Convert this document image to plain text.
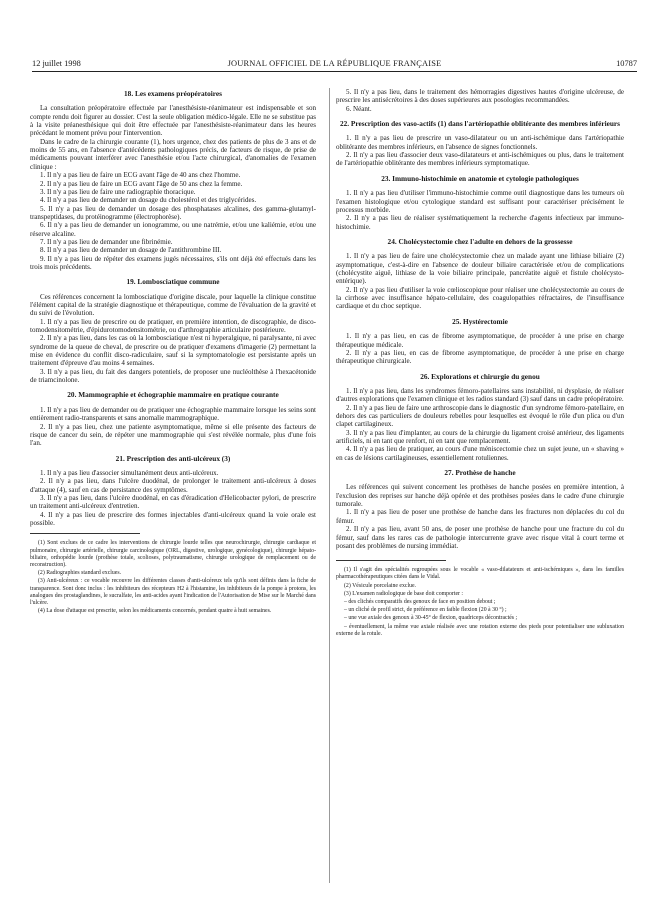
12 juillet 1998	JOURNAL OFFICIEL DE LA RÉPUBLIQUE FRANÇAISE	10787
18. Les examens préopératoires

La consultation préopératoire effectuée par l'anesthésiste-réanimateur est indispensable et son compte rendu doit figurer au dossier. C'est la seule obligation médico-légale. Elle ne se substitue pas à la visite préanesthésique qui doit être effectuée par l'anesthésiste-réanimateur dans les heures précédant le moment prévu pour l'intervention.

Dans le cadre de la chirurgie courante (1), hors urgence, chez des patients de plus de 3 ans et de moins de 55 ans, en l'absence d'antécédents pathologiques précis, de facteurs de risque, de prise de médicaments pouvant interférer avec l'anesthésie et/ou l'acte chirurgical, d'anomalies de l'examen clinique :

1. Il n'y a pas lieu de faire un ECG avant l'âge de 40 ans chez l'homme.

2. Il n'y a pas lieu de faire un ECG avant l'âge de 50 ans chez la femme.

3. Il n'y a pas lieu de faire une radiographie thoracique.

4. Il n'y a pas lieu de demander un dosage du cholestérol et des triglycérides.

5. Il n'y a pas lieu de demander un dosage des phosphatases alcalines, des gamma-glutamyl-transpeptidases, du protéinogramme (électrophorèse).

6. Il n'y a pas lieu de demander un ionogramme, ou une natrémie, et/ou une kaliémie, et/ou une réserve alcaline.

7. Il n'y a pas lieu de demander une fibrinémie.

8. Il n'y a pas lieu de demander un dosage de l'antithrombine III.

9. Il n'y a pas lieu de répéter des examens jugés nécessaires, s'ils ont déjà été effectués dans les trois mois précédents.

19. Lombosciatique commune

Ces références concernent la lombosciatique d'origine discale, pour laquelle la clinique constitue l'élément capital de la stratégie diagnostique et thérapeutique, comme de l'évaluation de la gravité et du suivi de l'évolution.

1. Il n'y a pas lieu de prescrire ou de pratiquer, en première intention, de discographie, de disco-tomodensitométrie, d'épidurotomodensitométrie, ou d'arthrographie articulaire postérieure.

2. Il n'y a pas lieu, dans les cas où la lombosciatique n'est ni hyperalgique, ni paralysante, ni avec syndrome de la queue de cheval, de prescrire ou de pratiquer d'examens d'imagerie (2) permettant la mise en évidence du conflit disco-radiculaire, sauf si la symptomatologie est persistante après un traitement d'épreuve d'au moins 4 semaines.

3. Il n'y a pas lieu, du fait des dangers potentiels, de proposer une nucléolthèse à l'hexacétonide de triamcinolone.

20. Mammographie et échographie mammaire en pratique courante

1. Il n'y a pas lieu de demander ou de pratiquer une échographie mammaire lorsque les seins sont entièrement radio-transparents et sans anomalie mammographique.

2. Il n'y a pas lieu, chez une patiente asymptomatique, même si elle présente des facteurs de risque de cancer du sein, de répéter une mammographie qui s'est révélée normale, plus d'une fois l'an.

21. Prescription des anti-ulcéreux (3)

1. Il n'y a pas lieu d'associer simultanément deux anti-ulcéreux.

2. Il n'y a pas lieu, dans l'ulcère duodénal, de prolonger le traitement anti-ulcéreux à doses d'attaque (4), sauf en cas de persistance des symptômes.

3. Il n'y a pas lieu, dans l'ulcère duodénal, en cas d'éradication d'Helicobacter pylori, de prescrire un traitement anti-ulcéreux d'entretien.

4. Il n'y a pas lieu de prescrire des formes injectables d'anti-ulcéreux quand la voie orale est possible.

(1) Sont exclues de ce cadre les interventions de chirurgie lourde telles que neurochirurgie, chirurgie cardiaque et pulmonaire, chirurgie artérielle, chirurgie carcinologique (ORL, digestive, urologique, gynécologique), chirurgie hépato-biliaire, orthopédie lourde (prothèse totale, scolioses, polytraumatisme, chirurgie urologique de remplacement ou de reconstruction).

(2) Radiographies standard exclues.

(3) Anti-ulcéreux : ce vocable recouvre les différentes classes d'anti-ulcéreux tels qu'ils sont définis dans la fiche de transparence. Sont donc inclus : les inhibiteurs des récepteurs H2 à l'histamine, les inhibiteurs de la pompe à protons, les analogues des prostaglandines, le sucralfate, les anti-acides ayant l'indication de l'Autorisation de Mise sur le Marché dans l'ulcère.

(4) La dose d'attaque est prescrite, selon les médicaments concernés, pendant quatre à huit semaines.

5. Il n'y a pas lieu, dans le traitement des hémorragies digestives hautes d'origine ulcéreuse, de prescrire les antisécrétoires à des doses supérieures aux posologies recommandées.

6. Néant.

22. Prescription des vaso-actifs (1) dans l'artériopathie oblitérante des membres inférieurs

1. Il n'y a pas lieu de prescrire un vaso-dilatateur ou un anti-ischémique dans l'artériopathie oblitérante des membres inférieurs, en l'absence de signes fonctionnels.

2. Il n'y a pas lieu d'associer deux vaso-dilatateurs et anti-ischémiques ou plus, dans le traitement de l'artériopathie oblitérante des membres inférieurs symptomatique.

23. Immuno-histochimie en anatomie et cytologie pathologiques

1. Il n'y a pas lieu d'utiliser l'immuno-histochimie comme outil diagnostique dans les tumeurs où l'examen histologique et/ou cytologique standard est suffisant pour caractériser précisément le processus morbide.

2. Il n'y a pas lieu de réaliser systématiquement la recherche d'agents infectieux par immuno-histochimie.

24. Cholécystectomie chez l'adulte en dehors de la grossesse

1. Il n'y a pas lieu de faire une cholécystectomie chez un malade ayant une lithiase biliaire (2) asymptomatique, c'est-à-dire en l'absence de douleur biliaire caractérisée et/ou de complications (cholécystite aiguë, lithiase de la voie biliaire principale, pancréatite aiguë et fistule cholécysto-entérique).

2. Il n'y a pas lieu d'utiliser la voie cœlioscopique pour réaliser une cholécystectomie au cours de la cirrhose avec insuffisance hépato-cellulaire, des coagulopathies réfractaires, de l'insuffisance cardiaque et du choc septique.

25. Hystérectomie

1. Il n'y a pas lieu, en cas de fibrome asymptomatique, de procéder à une prise en charge thérapeutique médicale.

2. Il n'y a pas lieu, en cas de fibrome asymptomatique, de procéder à une prise en charge thérapeutique chirurgicale.

26. Explorations et chirurgie du genou

1. Il n'y a pas lieu, dans les syndromes fémoro-patellaires sans instabilité, ni dysplasie, de réaliser d'autres explorations que l'examen clinique et les radios standard (3) sauf dans un cadre préopératoire.

2. Il n'y a pas lieu de faire une arthroscopie dans le diagnostic d'un syndrome fémoro-patellaire, en dehors des cas particuliers de douleurs rebelles pour lesquelles est évoqué le rôle d'un plica ou d'un clapet cartilagineux.

3. Il n'y a pas lieu d'implanter, au cours de la chirurgie du ligament croisé antérieur, des ligaments artificiels, ni en tant que renfort, ni en tant que remplacement.

4. Il n'y a pas lieu de pratiquer, au cours d'une méniscectomie chez un sujet jeune, un « shaving » en cas de lésions cartilagineuses, essentiellement rotuliennes.

27. Prothèse de hanche

Les références qui suivent concernent les prothèses de hanche posées en première intention, à l'exclusion des reprises sur hanche déjà opérée et des prothèses posées dans le cadre d'une chirurgie tumorale.

1. Il n'y a pas lieu de poser une prothèse de hanche dans les fractures non déplacées du col du fémur.

2. Il n'y a pas lieu, avant 50 ans, de poser une prothèse de hanche pour une fracture du col du fémur, sauf dans les rares cas de pathologie intercurrente grave avec risque vital à court terme et posant des problèmes de nursing immédiat.

(1) Il s'agit des spécialités regroupées sous le vocable « vaso-dilatateurs et anti-ischémiques », dans les familles pharmacothérapeutiques citées dans le Vidal.

(2) Vésicule porcelaine exclue.

(3) L'examen radiologique de base doit comporter :

– des clichés comparatifs des genoux de face en position debout ;

– un cliché de profil strict, de préférence en faible flexion (20 à 30 °) ;

– une vue axiale des genoux à 30-45° de flexion, quadriceps décontractés ;

– éventuellement, la même vue axiale réalisée avec une rotation externe des pieds pour potentialiser une subluxation externe de la rotule.
